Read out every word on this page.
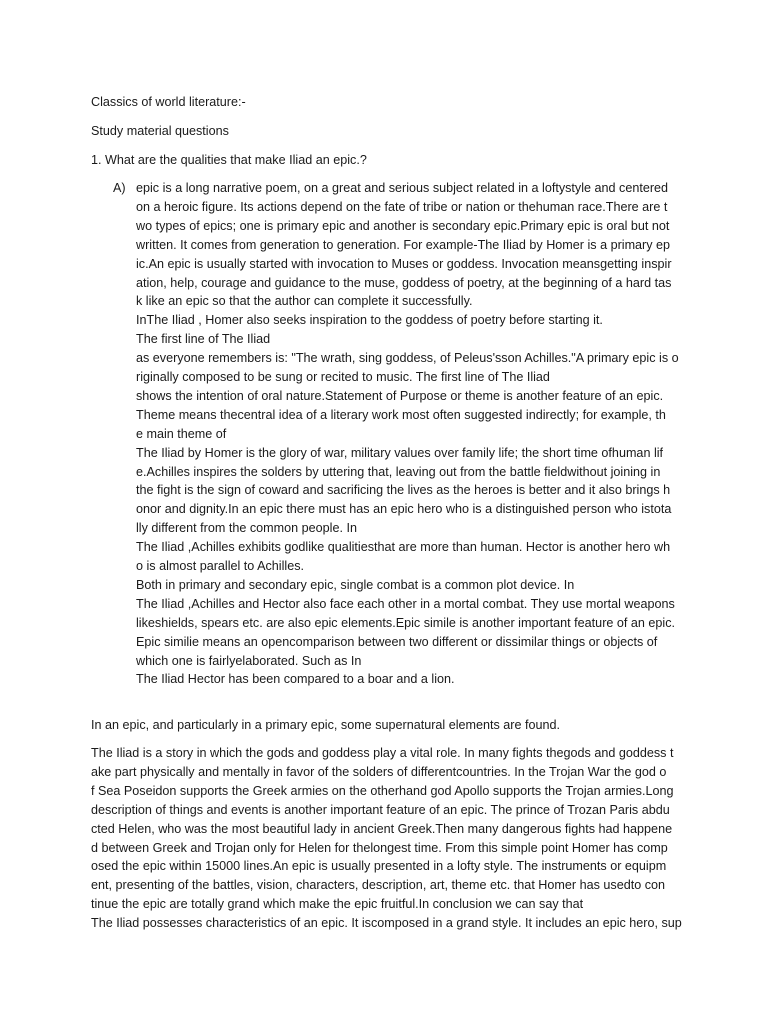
Classics of world literature:-
Study material questions
1. What are the qualities that make Iliad an epic.?
A) epic is a long narrative poem, on a great and serious subject related in a loftystyle and centered
on a heroic figure. Its actions depend on the fate of tribe or nation or thehuman race.There are t
wo types of epics; one is primary epic and another is secondary epic.Primary epic is oral but not
written. It comes from generation to generation. For example-The Iliad by Homer is a primary ep
ic.An epic is usually started with invocation to Muses or goddess. Invocation meansgetting inspir
ation, help, courage and guidance to the muse, goddess of poetry, at the beginning of a hard tas
k like an epic so that the author can complete it successfully.
InThe Iliad , Homer also seeks inspiration to the goddess of poetry before starting it.
The first line of The Iliad
as everyone remembers is: "The wrath, sing goddess, of Peleus'sson Achilles."A primary epic is o
riginally composed to be sung or recited to music. The first line of The Iliad
shows the intention of oral nature.Statement of Purpose or theme is another feature of an epic.
Theme means thecentral idea of a literary work most often suggested indirectly; for example, th
e main theme of
The Iliad by Homer is the glory of war, military values over family life; the short time ofhuman lif
e.Achilles inspires the solders by uttering that, leaving out from the battle fieldwithout joining in
the fight is the sign of coward and sacrificing the lives as the heroes is better and it also brings h
onor and dignity.In an epic there must has an epic hero who is a distinguished person who istota
lly different from the common people. In
The Iliad ,Achilles exhibits godlike qualitiesthat are more than human. Hector is another hero wh
o is almost parallel to Achilles.
Both in primary and secondary epic, single combat is a common plot device. In
The Iliad ,Achilles and Hector also face each other in a mortal combat. They use mortal weapons
likeshields, spears etc. are also epic elements.Epic simile is another important feature of an epic.
Epic similie means an opencomparison between two different or dissimilar things or objects of
which one is fairlyelaborated. Such as In
The Iliad Hector has been compared to a boar and a lion.
In an epic, and particularly in a primary epic, some supernatural elements are found.
The Iliad is a story in which the gods and goddess play a vital role. In many fights thegods and goddess t
ake part physically and mentally in favor of the solders of differentcountries. In the Trojan War the god o
f Sea Poseidon supports the Greek armies on the otherhand god Apollo supports the Trojan armies.Long
description of things and events is another important feature of an epic. The prince of Trozan Paris abdu
cted Helen, who was the most beautiful lady in ancient Greek.Then many dangerous fights had happene
d between Greek and Trojan only for Helen for thelongest time. From this simple point Homer has comp
osed the epic within 15000 lines.An epic is usually presented in a lofty style. The instruments or equipm
ent, presenting of the battles, vision, characters, description, art, theme etc. that Homer has usedto con
tinue the epic are totally grand which make the epic fruitful.In conclusion we can say that
The Iliad possesses characteristics of an epic. It iscomposed in a grand style. It includes an epic hero, sup
